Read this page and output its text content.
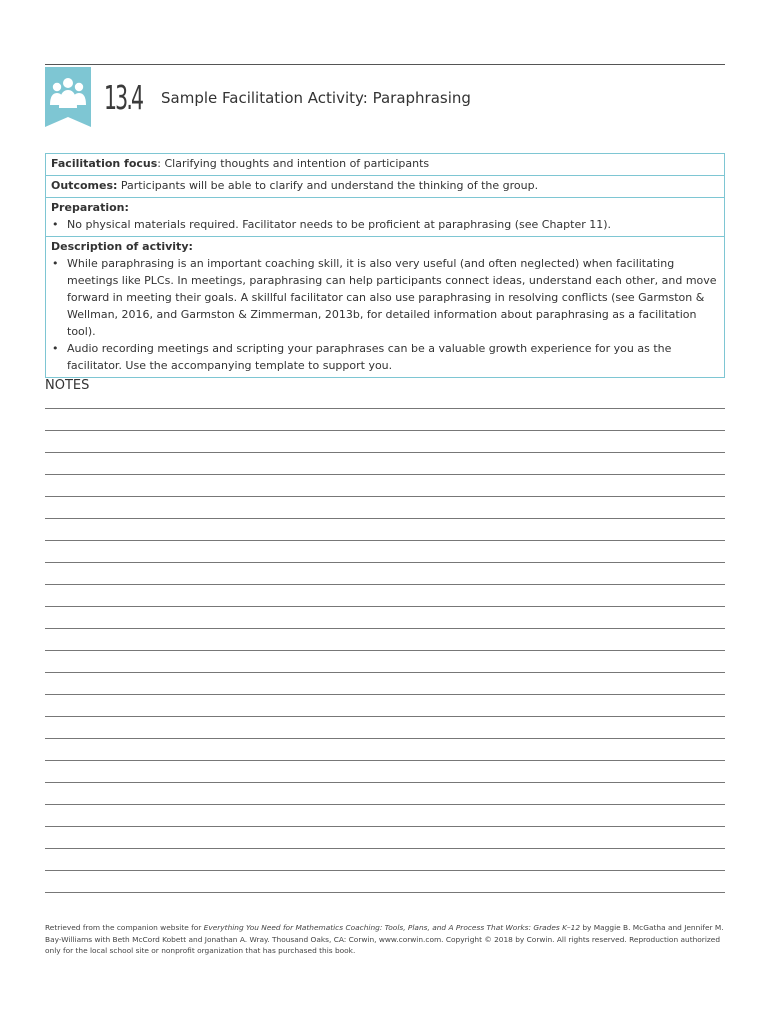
13.4 Sample Facilitation Activity: Paraphrasing
Facilitation focus: Clarifying thoughts and intention of participants
Outcomes: Participants will be able to clarify and understand the thinking of the group.
Preparation:
• No physical materials required. Facilitator needs to be proficient at paraphrasing (see Chapter 11).
Description of activity:
• While paraphrasing is an important coaching skill, it is also very useful (and often neglected) when facilitating meetings like PLCs. In meetings, paraphrasing can help participants connect ideas, understand each other, and move forward in meeting their goals. A skillful facilitator can also use paraphrasing in resolving conflicts (see Garmston & Wellman, 2016, and Garmston & Zimmerman, 2013b, for detailed information about paraphrasing as a facilitation tool).
• Audio recording meetings and scripting your paraphrases can be a valuable growth experience for you as the facilitator. Use the accompanying template to support you.
NOTES
Retrieved from the companion website for Everything You Need for Mathematics Coaching: Tools, Plans, and A Process That Works: Grades K–12 by Maggie B. McGatha and Jennifer M. Bay-Williams with Beth McCord Kobett and Jonathan A. Wray. Thousand Oaks, CA: Corwin, www.corwin.com. Copyright © 2018 by Corwin. All rights reserved. Reproduction authorized only for the local school site or nonprofit organization that has purchased this book.
